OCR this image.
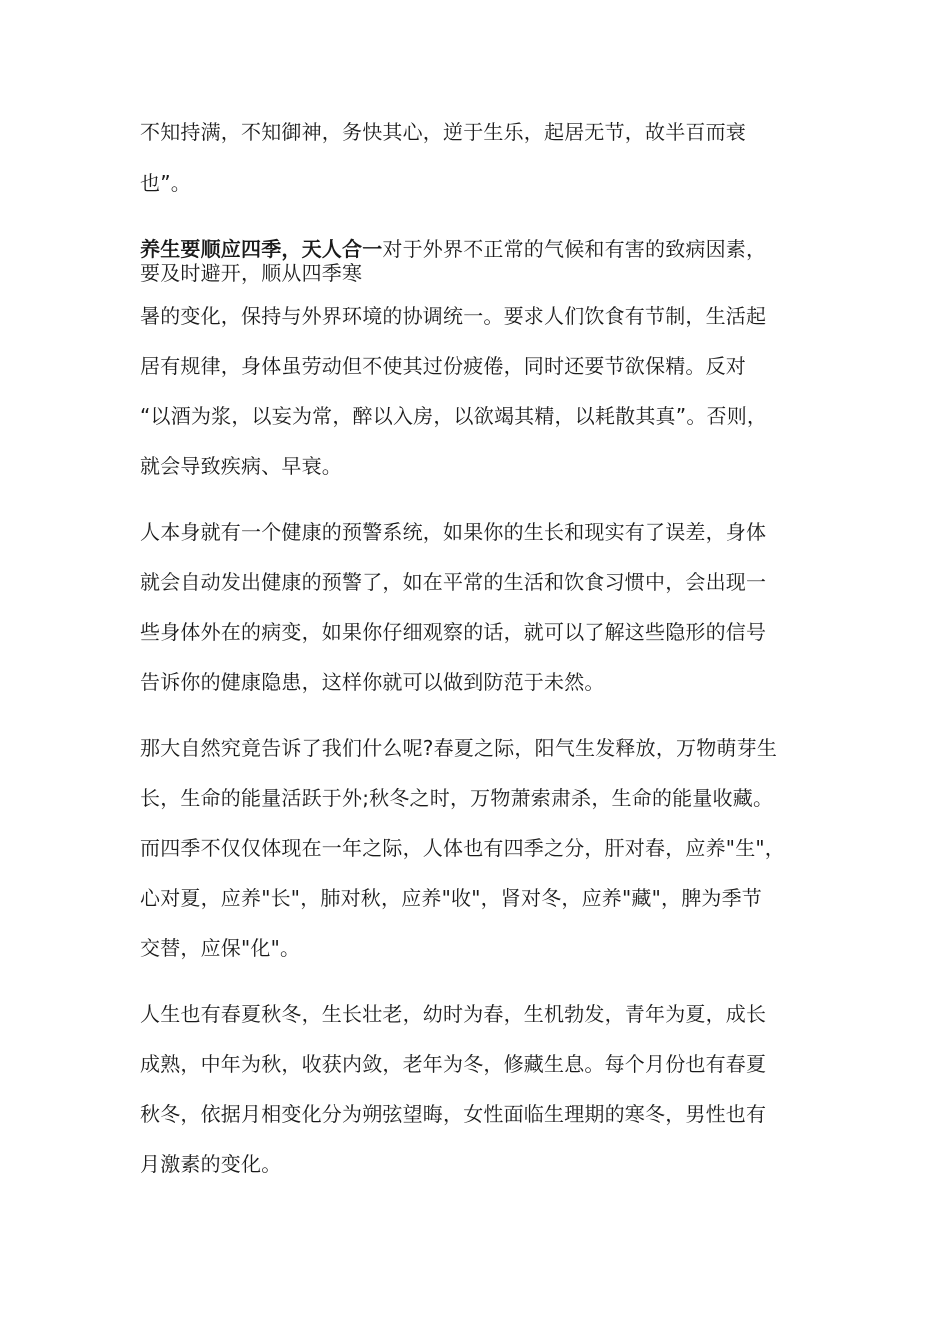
不知持满，不知御神，务快其心，逆于生乐，起居无节，故半百而衰
也”。
养生要顺应四季，天人合一对于外界不正常的气候和有害的致病因素，
要及时避开，顺从四季寒
暑的变化，保持与外界环境的协调统一。要求人们饮食有节制，生活起
居有规律，身体虽劳动但不使其过份疲倦，同时还要节欲保精。反对
“以酒为浆，以妄为常，醉以入房，以欲竭其精，以耗散其真”。否则，
就会导致疾病、早衰。
人本身就有一个健康的预警系统，如果你的生长和现实有了误差，身体
就会自动发出健康的预警了，如在平常的生活和饮食习惯中，会出现一
些身体外在的病变，如果你仔细观察的话，就可以了解这些隐形的信号
告诉你的健康隐患，这样你就可以做到防范于未然。
那大自然究竟告诉了我们什么呢?春夏之际，阳气生发释放，万物萌芽生
长，生命的能量活跃于外;秋冬之时，万物萧索肃杀，生命的能量收藏。
而四季不仅仅体现在一年之际，人体也有四季之分，肝对春，应养"生"，
心对夏，应养"长"，肺对秋，应养"收"，肾对冬，应养"藏"，脾为季节
交替，应保"化"。
人生也有春夏秋冬，生长壮老，幼时为春，生机勃发，青年为夏，成长
成熟，中年为秋，收获内敛，老年为冬，修藏生息。每个月份也有春夏
秋冬，依据月相变化分为朔弦望晦，女性面临生理期的寒冬，男性也有
月激素的变化。
